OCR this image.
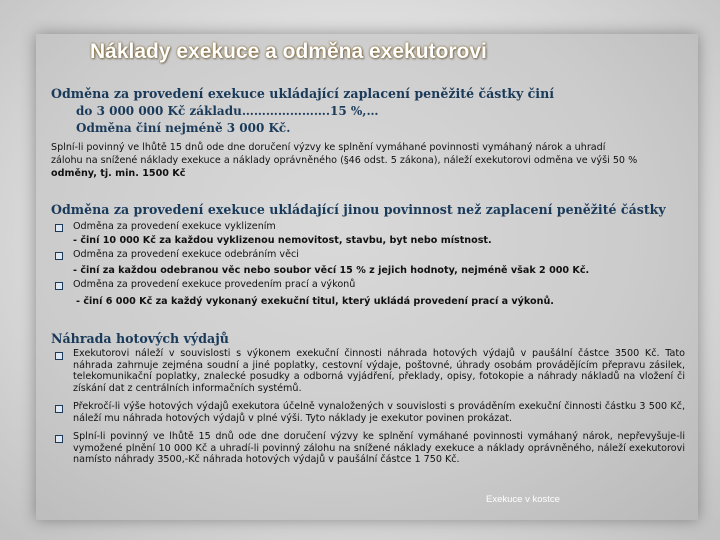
Náklady exekuce a odměna exekutorovi

Odměna za provedení exekuce ukládající zaplacení peněžité částky činí

do 3 000 000 Kč základu………………….15 %,…

Odměna činí nejméně 3 000 Kč.

Splní-li povinný ve lhůtě 15 dnů ode dne doručení výzvy ke splnění vymáhané povinnosti vymáhaný nárok a uhradí

zálohu na snížené náklady exekuce a náklady oprávněného (§46 odst. 5 zákona), náleží exekutorovi odměna ve výši 50 %

odměny, tj. min. 1500 Kč

Odměna za provedení exekuce ukládající jinou povinnost než zaplacení peněžité částky

Odměna za provedení exekuce vyklizením

- činí 10 000 Kč za každou vyklizenou nemovitost, stavbu, byt nebo místnost.

Odměna za provedení exekuce odebráním věci

- činí za každou odebranou věc nebo soubor věcí 15 % z jejich hodnoty, nejméně však 2 000 Kč.

Odměna za provedení exekuce provedením prací a výkonů

- činí 6 000 Kč za každý vykonaný exekuční titul, který ukládá provedení prací a výkonů.

Náhrada hotových výdajů

Exekutorovi náleží v souvislosti s výkonem exekuční činnosti náhrada hotových výdajů v paušální částce 3500 Kč. Tato náhrada zahrnuje zejména soudní a jiné poplatky, cestovní výdaje, poštovné, úhrady osobám provádějícím přepravu zásilek, telekomunikační poplatky, znalecké posudky a odborná vyjádření, překlady, opisy, fotokopie a náhrady nákladů na vložení či získání dat z centrálních informačních systémů.

Překročí-li výše hotových výdajů exekutora účelně vynaložených v souvislosti s prováděním exekuční činnosti částku 3 500 Kč, náleží mu náhrada hotových výdajů v plné výši. Tyto náklady je exekutor povinen prokázat.

Splní-li povinný ve lhůtě 15 dnů ode dne doručení výzvy ke splnění vymáhané povinnosti vymáhaný nárok, nepřevyšuje-li vymožené plnění 10 000 Kč a uhradí-li povinný zálohu na snížené náklady exekuce a náklady oprávněného, náleží exekutorovi namísto náhrady 3500,-Kč náhrada hotových výdajů v paušální částce 1 750 Kč.

Exekuce v kostce
